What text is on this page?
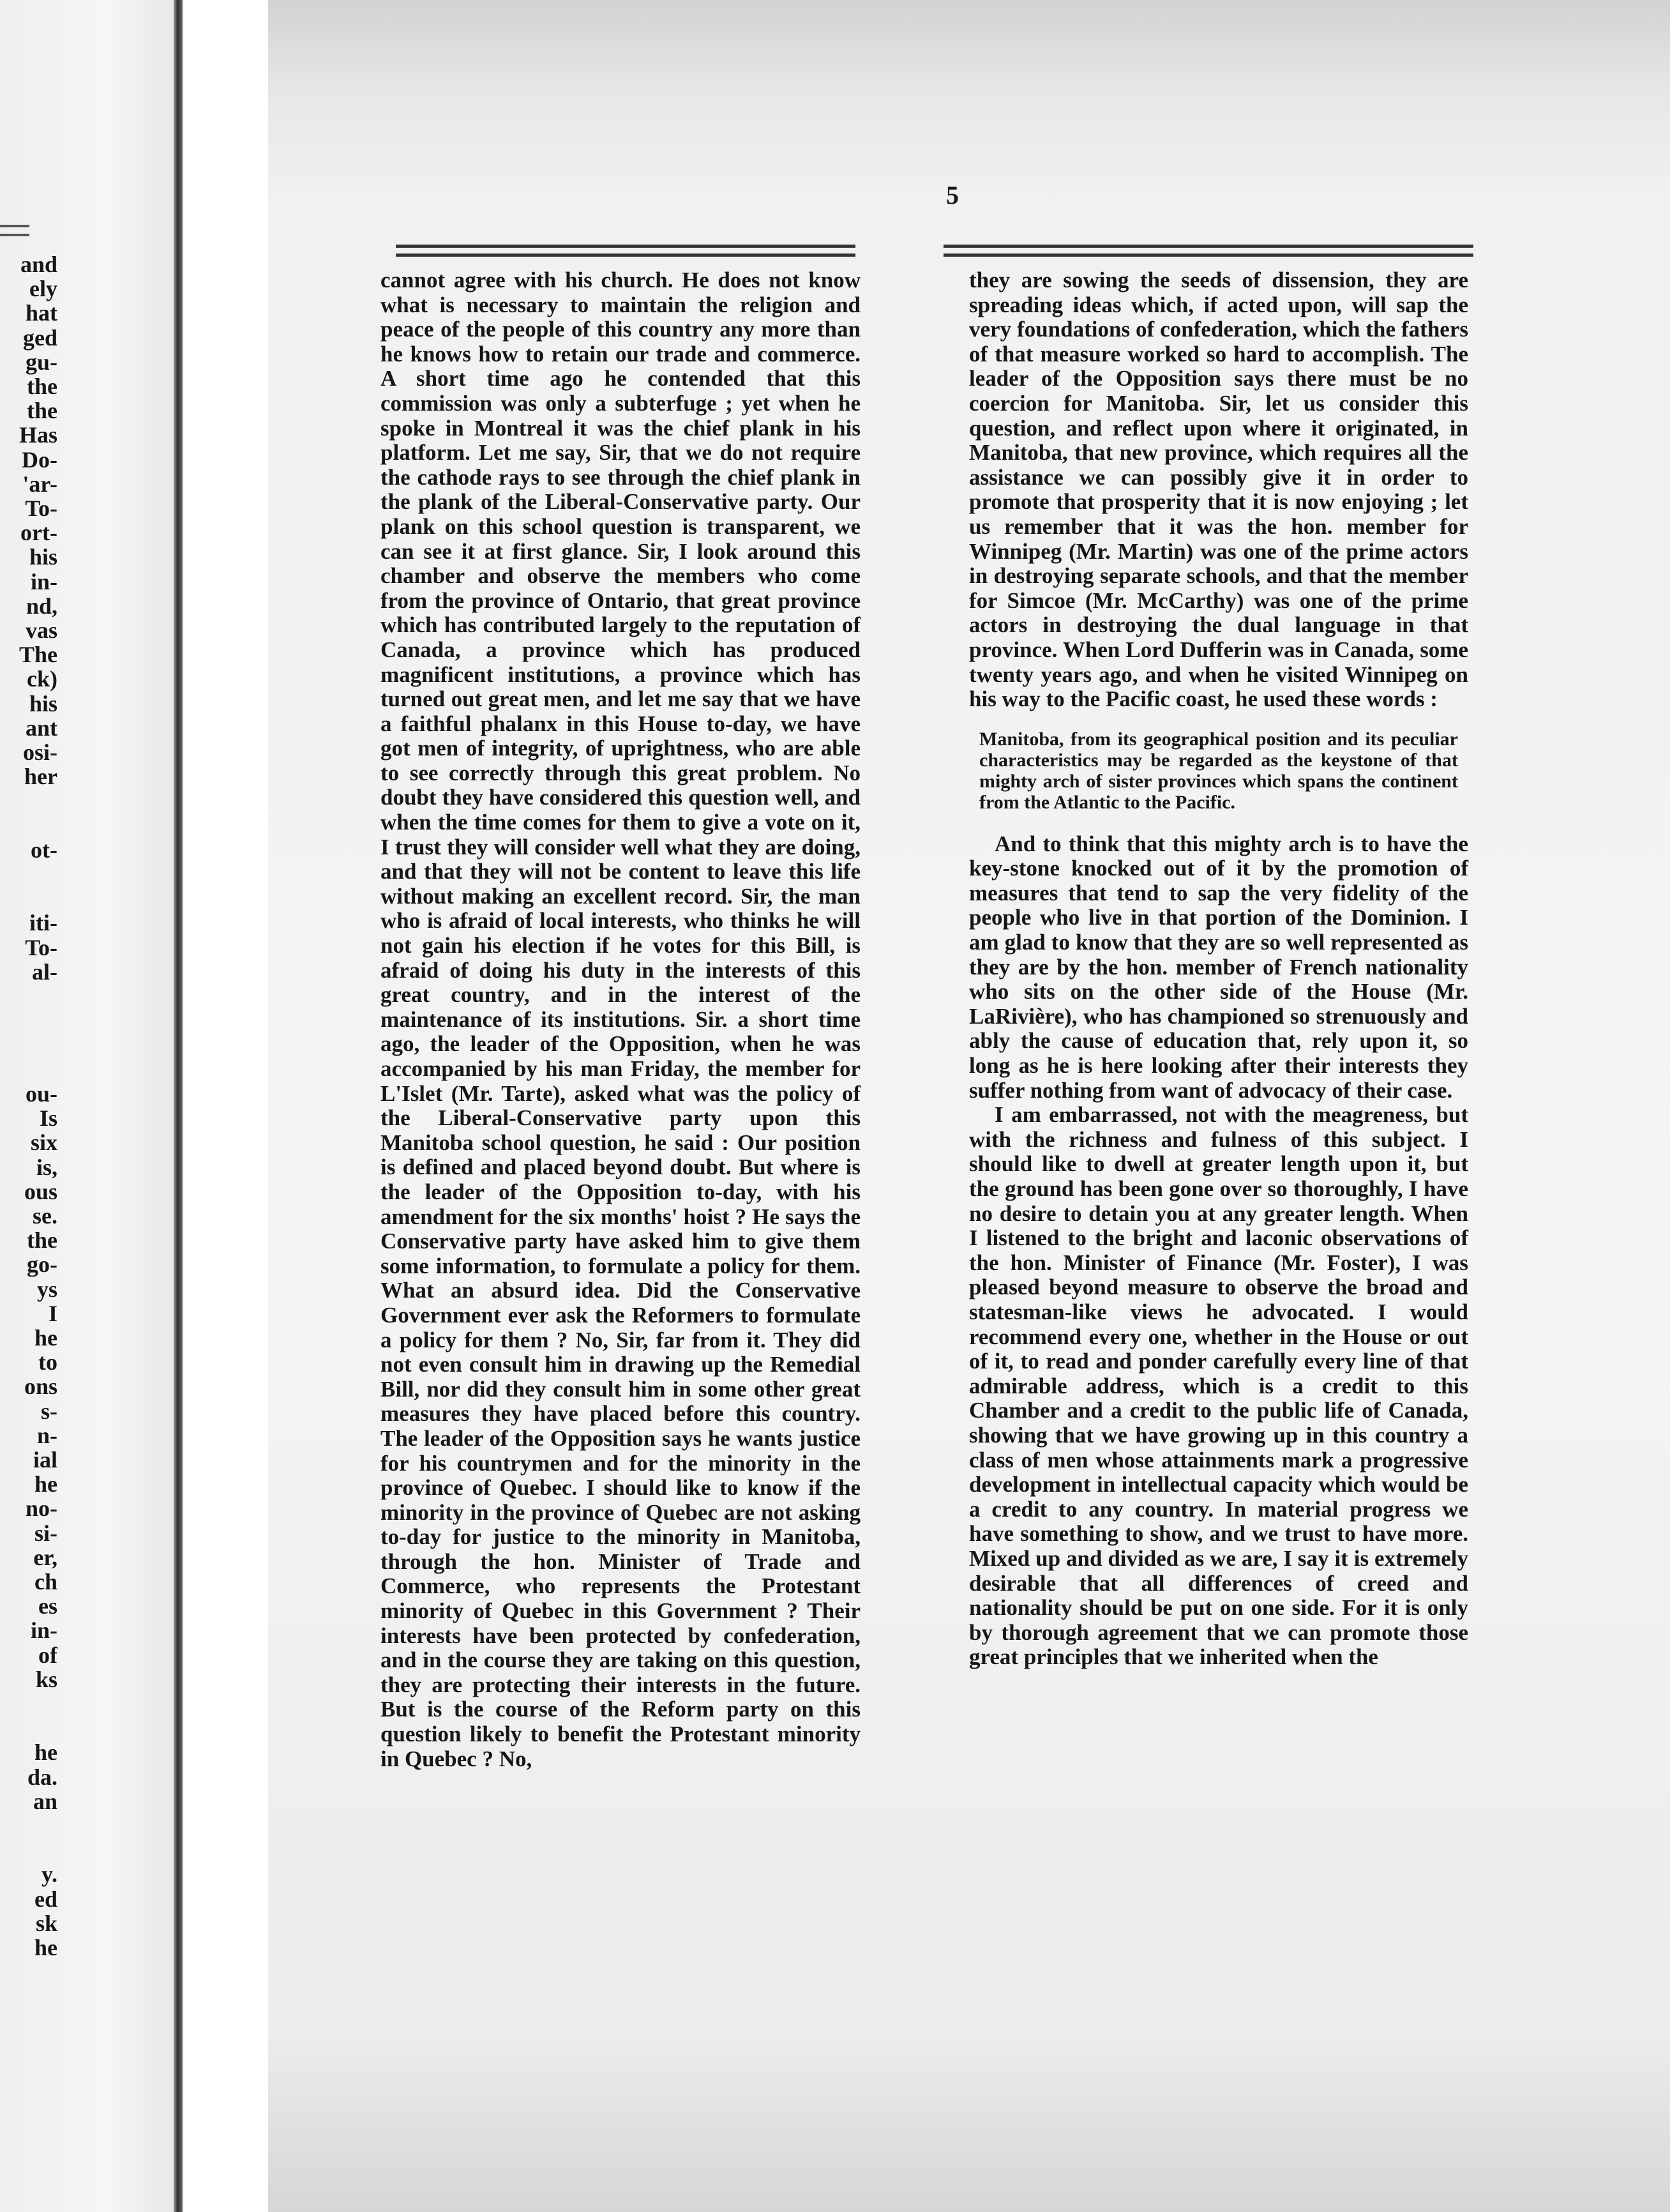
and
ely
hat
ged
gu-
the
the
Has
Do-
'ar-
To-
ort-
his
in-
nd,
vas
The
ck)
his
ant
osi-
her

ot-

iti-
To-
al-

ou-
Is
six
is,
ous
se.
the
go-
ys
I
he
to
ons
s-
n-
ial
he
no-
si-
er,
ch
es
in-
of
ks

he
da.
an

y.
ed
sk
he
5

cannot agree with his church. He does not know what is necessary to maintain the religion and peace of the people of this country any more than he knows how to retain our trade and commerce. A short time ago he contended that this commission was only a subterfuge ; yet when he spoke in Montreal it was the chief plank in his platform. Let me say, Sir, that we do not require the cathode rays to see through the chief plank in the plank of the Liberal-Conservative party. Our plank on this school question is transparent, we can see it at first glance. Sir, I look around this chamber and observe the members who come from the province of Ontario, that great province which has contributed largely to the reputation of Canada, a province which has produced magnificent institutions, a province which has turned out great men, and let me say that we have a faithful phalanx in this House to-day, we have got men of integrity, of uprightness, who are able to see correctly through this great problem. No doubt they have considered this question well, and when the time comes for them to give a vote on it, I trust they will consider well what they are doing, and that they will not be content to leave this life without making an excellent record. Sir, the man who is afraid of local interests, who thinks he will not gain his election if he votes for this Bill, is afraid of doing his duty in the interests of this great country, and in the interest of the maintenance of its institutions. Sir. a short time ago, the leader of the Opposition, when he was accompanied by his man Friday, the member for L'Islet (Mr. Tarte), asked what was the policy of the Liberal-Conservative party upon this Manitoba school question, he said : Our position is defined and placed beyond doubt. But where is the leader of the Opposition to-day, with his amendment for the six months' hoist ? He says the Conservative party have asked him to give them some information, to formulate a policy for them. What an absurd idea. Did the Conservative Government ever ask the Reformers to formulate a policy for them ? No, Sir, far from it. They did not even consult him in drawing up the Remedial Bill, nor did they consult him in some other great measures they have placed before this country. The leader of the Opposition says he wants justice for his countrymen and for the minority in the province of Quebec. I should like to know if the minority in the province of Quebec are not asking to-day for justice to the minority in Manitoba, through the hon. Minister of Trade and Commerce, who represents the Protestant minority of Quebec in this Government ? Their interests have been protected by confederation, and in the course they are taking on this question, they are protecting their interests in the future. But is the course of the Reform party on this question likely to benefit the Protestant minority in Quebec ? No,

they are sowing the seeds of dissension, they are spreading ideas which, if acted upon, will sap the very foundations of confederation, which the fathers of that measure worked so hard to accomplish. The leader of the Opposition says there must be no coercion for Manitoba. Sir, let us consider this question, and reflect upon where it originated, in Manitoba, that new province, which requires all the assistance we can possibly give it in order to promote that prosperity that it is now enjoying ; let us remember that it was the hon. member for Winnipeg (Mr. Martin) was one of the prime actors in destroying separate schools, and that the member for Simcoe (Mr. McCarthy) was one of the prime actors in destroying the dual language in that province. When Lord Dufferin was in Canada, some twenty years ago, and when he visited Winnipeg on his way to the Pacific coast, he used these words :

Manitoba, from its geographical position and its peculiar characteristics may be regarded as the keystone of that mighty arch of sister provinces which spans the continent from the Atlantic to the Pacific.

And to think that this mighty arch is to have the key-stone knocked out of it by the promotion of measures that tend to sap the very fidelity of the people who live in that portion of the Dominion. I am glad to know that they are so well represented as they are by the hon. member of French nationality who sits on the other side of the House (Mr. LaRivière), who has championed so strenuously and ably the cause of education that, rely upon it, so long as he is here looking after their interests they suffer nothing from want of advocacy of their case.

I am embarrassed, not with the meagreness, but with the richness and fulness of this subject. I should like to dwell at greater length upon it, but the ground has been gone over so thoroughly, I have no desire to detain you at any greater length. When I listened to the bright and laconic observations of the hon. Minister of Finance (Mr. Foster), I was pleased beyond measure to observe the broad and statesman-like views he advocated. I would recommend every one, whether in the House or out of it, to read and ponder carefully every line of that admirable address, which is a credit to this Chamber and a credit to the public life of Canada, showing that we have growing up in this country a class of men whose attainments mark a progressive development in intellectual capacity which would be a credit to any country. In material progress we have something to show, and we trust to have more. Mixed up and divided as we are, I say it is extremely desirable that all differences of creed and nationality should be put on one side. For it is only by thorough agreement that we can promote those great principles that we inherited when the
